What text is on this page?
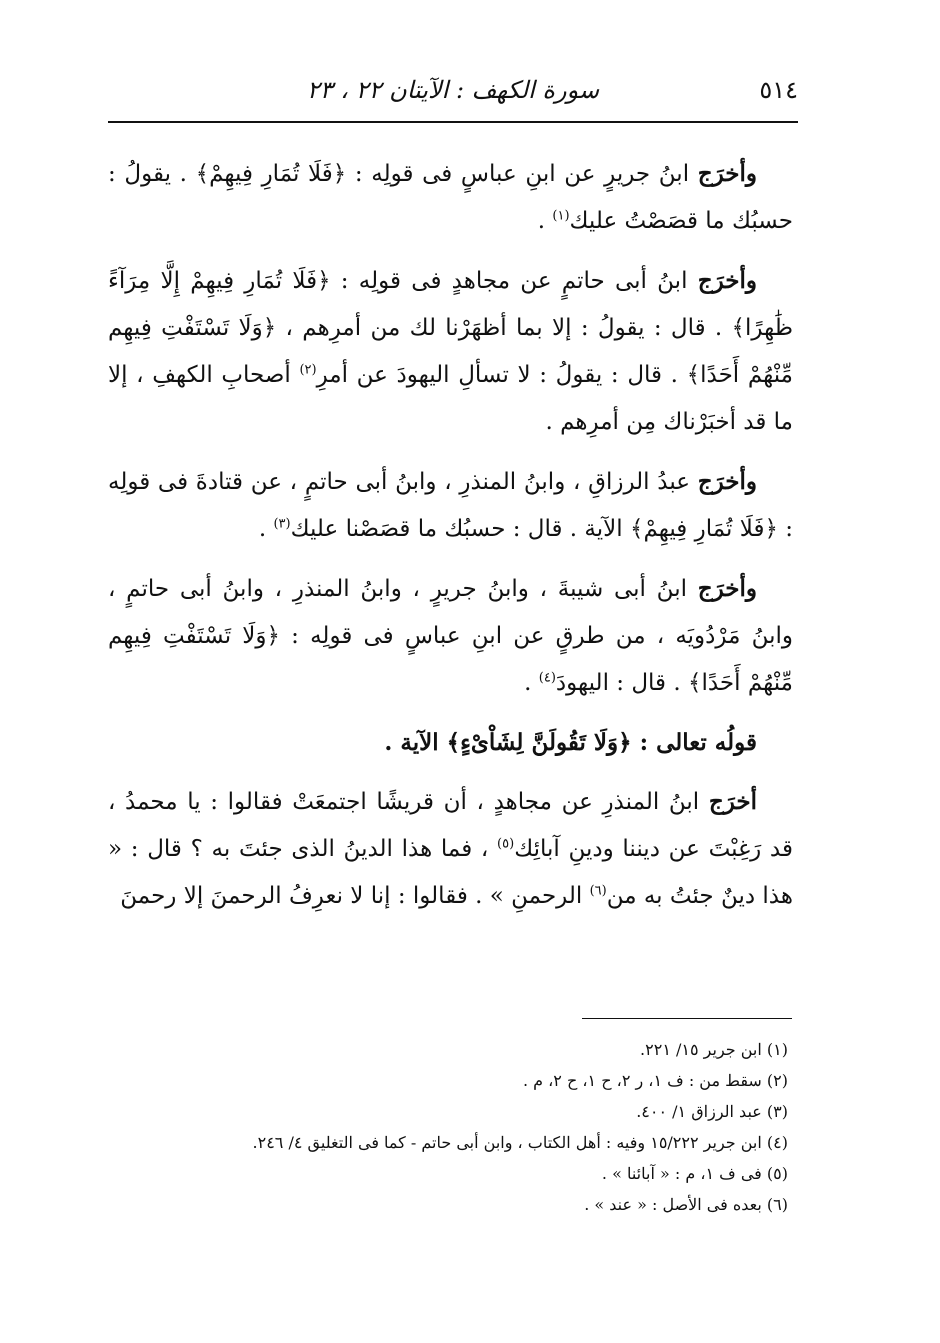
٥١٤
سورة الكهف : الآيتان ٢٢ ، ٢٣

وأخرَج ابنُ جريرٍ عن ابنِ عباسٍ فى قولِه : ﴿فَلَا تُمَارِ فِيهِمْ﴾ . يقولُ : حسبُك ما قصَصْتُ عليك$^{(١)}$ .

وأخرَج ابنُ أبى حاتمٍ عن مجاهدٍ فى قولِه : ﴿فَلَا تُمَارِ فِيهِمْ إِلَّا مِرَآءً ظَٰهِرًا﴾ . قال : يقولُ : إلا بما أظهَرْنا لك من أمرِهم ، ﴿وَلَا تَسْتَفْتِ فِيهِم مِّنْهُمْ أَحَدًا﴾ . قال : يقولُ : لا تسألِ اليهودَ عن أمرِ$^{(٢)}$ أصحابِ الكهفِ ، إلا ما قد أخبَرْناك مِن أمرِهم .

وأخرَج عبدُ الرزاقِ ، وابنُ المنذرِ ، وابنُ أبى حاتمٍ ، عن قتادةَ فى قولِه : ﴿فَلَا تُمَارِ فِيهِمْ﴾ الآية . قال : حسبُك ما قصَصْنا عليك$^{(٣)}$ .

وأخرَج ابنُ أبى شيبةَ ، وابنُ جريرٍ ، وابنُ المنذرِ ، وابنُ أبى حاتمٍ ، وابنُ مَرْدُويَه ، من طرقٍ عن ابنِ عباسٍ فى قولِه : ﴿وَلَا تَسْتَفْتِ فِيهِم مِّنْهُمْ أَحَدًا﴾ . قال : اليهودَ$^{(٤)}$ .

قولُه تعالى : ﴿وَلَا تَقُولَنَّ لِشَاْىْءٍ﴾ الآية .

أخرَج ابنُ المنذرِ عن مجاهدٍ ، أن قريشًا اجتمعَتْ فقالوا : يا محمدُ ، قد رَغِبْتَ عن ديننا ودينِ آبائِك$^{(٥)}$ ، فما هذا الدينُ الذى جئتَ به ؟ قال : « هذا دينٌ جئتُ به من$^{(٦)}$ الرحمنِ » . فقالوا : إنا لا نعرِفُ الرحمنَ إلا رحمنَ

(١) ابن جرير ١٥/ ٢٢١.

(٢) سقط من : ف ١، ر ٢، ح ١، ح ٢، م .

(٣) عبد الرزاق ١/ ٤٠٠.

(٤) ابن جرير ١٥/٢٢٢ وفيه : أهل الكتاب ، وابن أبى حاتم - كما فى التغليق ٤/ ٢٤٦.

(٥) فى ف ١، م : « آبائنا » .

(٦) بعده فى الأصل : « عند » .
